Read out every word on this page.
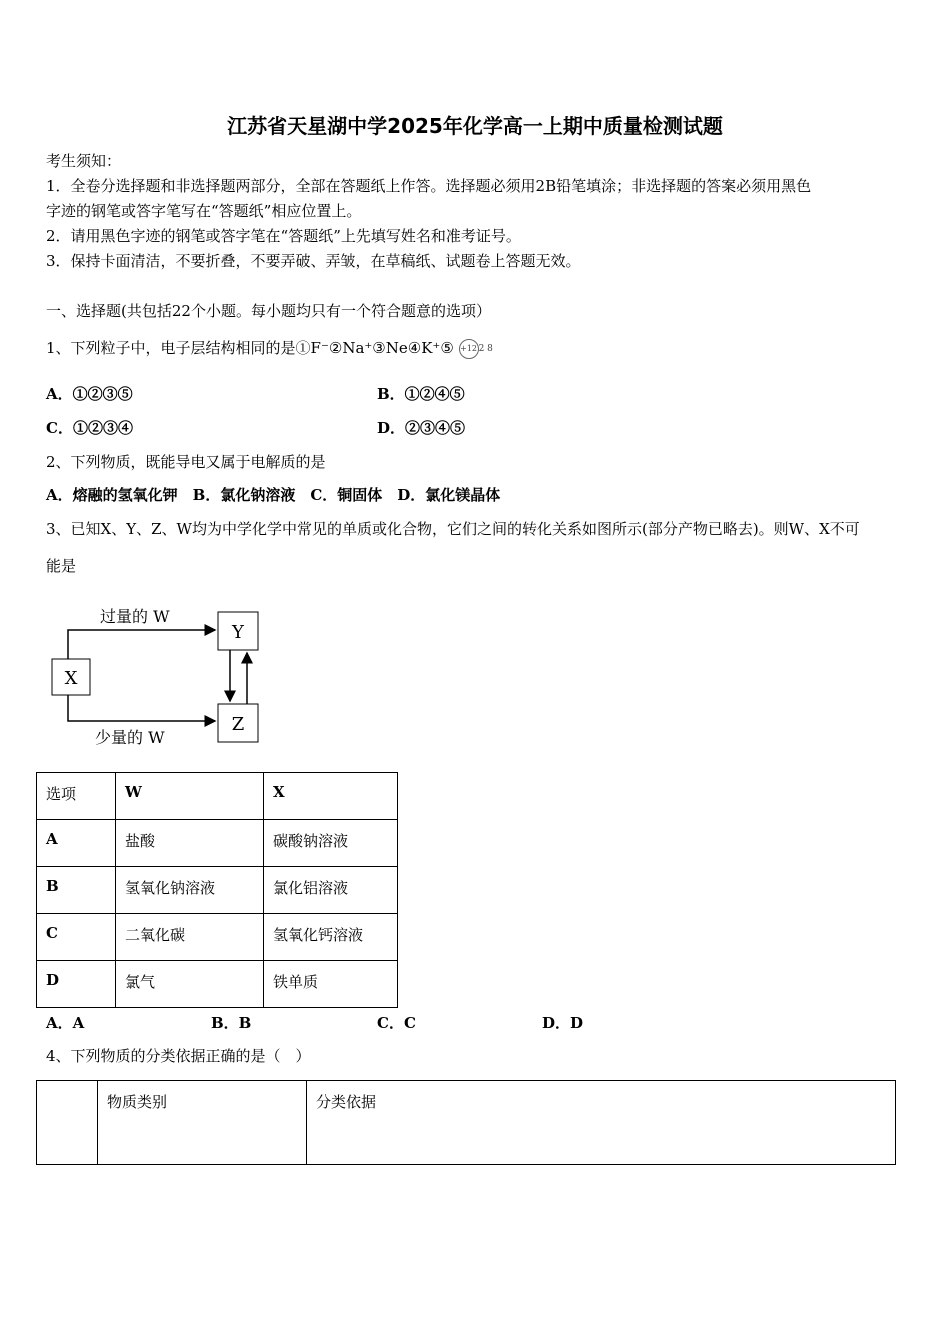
江苏省天星湖中学2025年化学高一上期中质量检测试题
考生须知：
1．全卷分选择题和非选择题两部分，全部在答题纸上作答。选择题必须用2B铅笔填涂；非选择题的答案必须用黑色
字迹的钢笔或答字笔写在“答题纸”相应位置上。
2．请用黑色字迹的钢笔或答字笔在“答题纸”上先填写姓名和准考证号。
3．保持卡面清洁，不要折叠，不要弄破、弄皱，在草稿纸、试题卷上答题无效。
一、选择题(共包括22个小题。每小题均只有一个符合题意的选项）
1、下列粒子中，电子层结构相同的是①F⁻②Na⁺③Ne④K⁺⑤ +12 2 8
A．①②③⑤	B．①②④⑤
C．①②③④	D．②③④⑤
2、下列物质，既能导电又属于电解质的是
A．熔融的氢氧化钾　B．氯化钠溶液　C．铜固体　D．氯化镁晶体
3、已知X、Y、Z、W均为中学化学中常见的单质或化合物，它们之间的转化关系如图所示(部分产物已略去)。则W、X不可
能是
X
Y
Z
过量的 W
少量的 W
选项	W	X
A	盐酸	碳酸钠溶液
B	氢氧化钠溶液	氯化铝溶液
C	二氧化碳	氢氧化钙溶液
D	氯气	铁单质
A．A	B．B	C．C	D．D
4、下列物质的分类依据正确的是（　）
	物质类别	分类依据
